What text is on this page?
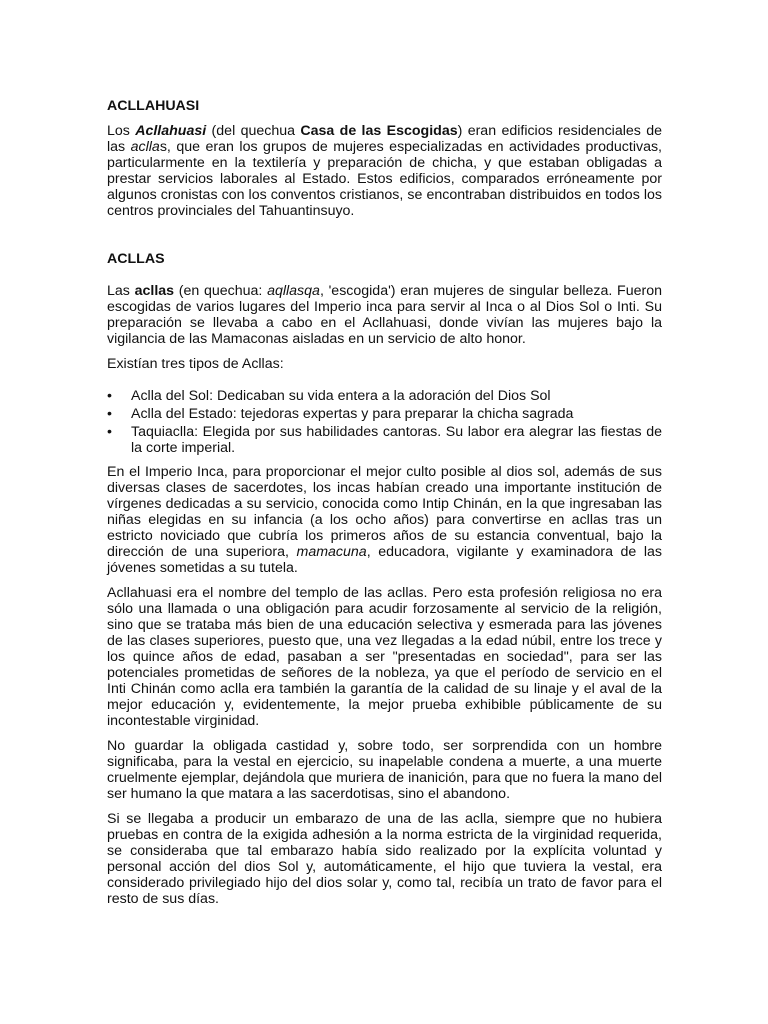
ACLLAHUASI

Los Acllahuasi (del quechua Casa de las Escogidas) eran edificios residenciales de las acllas, que eran los grupos de mujeres especializadas en actividades productivas, particularmente en la textilería y preparación de chicha, y que estaban obligadas a prestar servicios laborales al Estado. Estos edificios, comparados erróneamente por algunos cronistas con los conventos cristianos, se encontraban distribuidos en todos los centros provinciales del Tahuantinsuyo.

ACLLAS

Las acllas (en quechua: aqllasqa, 'escogida') eran mujeres de singular belleza. Fueron escogidas de varios lugares del Imperio inca para servir al Inca o al Dios Sol o Inti. Su preparación se llevaba a cabo en el Acllahuasi, donde vivían las mujeres bajo la vigilancia de las Mamaconas aisladas en un servicio de alto honor.

Existían tres tipos de Acllas:

• Aclla del Sol: Dedicaban su vida entera a la adoración del Dios Sol
• Aclla del Estado: tejedoras expertas y para preparar la chicha sagrada
• Taquiaclla: Elegida por sus habilidades cantoras. Su labor era alegrar las fiestas de la corte imperial.

En el Imperio Inca, para proporcionar el mejor culto posible al dios sol, además de sus diversas clases de sacerdotes, los incas habían creado una importante institución de vírgenes dedicadas a su servicio, conocida como Intip Chinán, en la que ingresaban las niñas elegidas en su infancia (a los ocho años) para convertirse en acllas tras un estricto noviciado que cubría los primeros años de su estancia conventual, bajo la dirección de una superiora, mamacuna, educadora, vigilante y examinadora de las jóvenes sometidas a su tutela.

Acllahuasi era el nombre del templo de las acllas. Pero esta profesión religiosa no era sólo una llamada o una obligación para acudir forzosamente al servicio de la religión, sino que se trataba más bien de una educación selectiva y esmerada para las jóvenes de las clases superiores, puesto que, una vez llegadas a la edad núbil, entre los trece y los quince años de edad, pasaban a ser "presentadas en sociedad", para ser las potenciales prometidas de señores de la nobleza, ya que el período de servicio en el Inti Chinán como aclla era también la garantía de la calidad de su linaje y el aval de la mejor educación y, evidentemente, la mejor prueba exhibible públicamente de su incontestable virginidad.

No guardar la obligada castidad y, sobre todo, ser sorprendida con un hombre significaba, para la vestal en ejercicio, su inapelable condena a muerte, a una muerte cruelmente ejemplar, dejándola que muriera de inanición, para que no fuera la mano del ser humano la que matara a las sacerdotisas, sino el abandono.

Si se llegaba a producir un embarazo de una de las aclla, siempre que no hubiera pruebas en contra de la exigida adhesión a la norma estricta de la virginidad requerida, se consideraba que tal embarazo había sido realizado por la explícita voluntad y personal acción del dios Sol y, automáticamente, el hijo que tuviera la vestal, era considerado privilegiado hijo del dios solar y, como tal, recibía un trato de favor para el resto de sus días.
